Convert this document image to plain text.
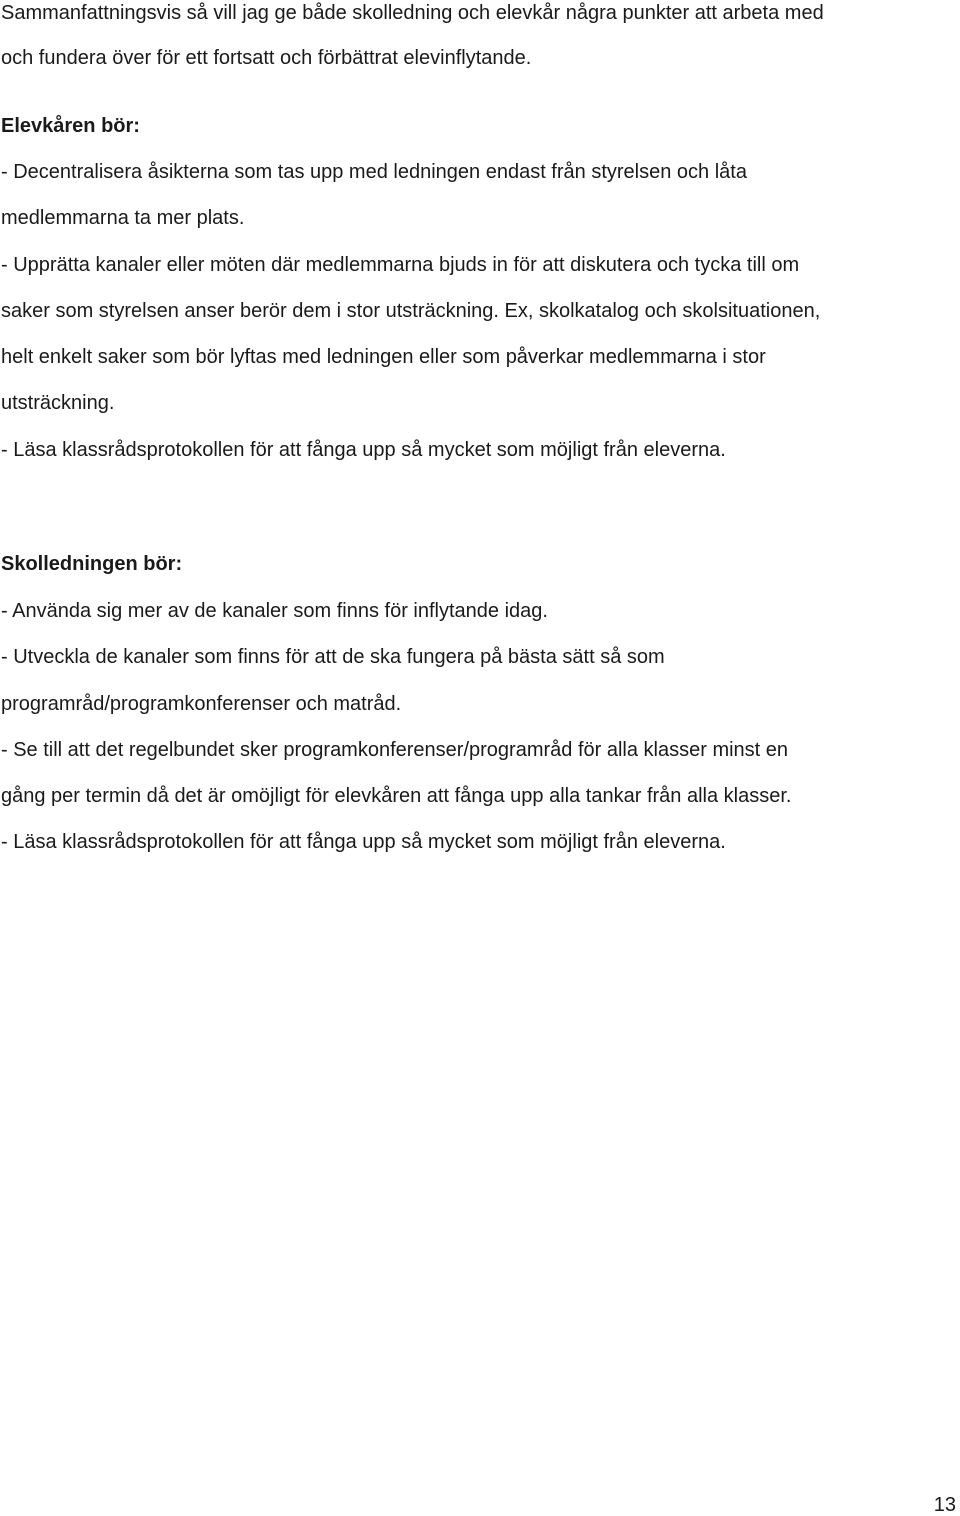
Sammanfattningsvis så vill jag ge både skolledning och elevkår några punkter att arbeta med
och fundera över för ett fortsatt och förbättrat elevinflytande.
Elevkåren bör:
- Decentralisera åsikterna som tas upp med ledningen endast från styrelsen och låta
medlemmarna ta mer plats.
- Upprätta kanaler eller möten där medlemmarna bjuds in för att diskutera och tycka till om
saker som styrelsen anser berör dem i stor utsträckning. Ex, skolkatalog och skolsituationen,
helt enkelt saker som bör lyftas med ledningen eller som påverkar medlemmarna i stor
utsträckning.
- Läsa klassrådsprotokollen för att fånga upp så mycket som möjligt från eleverna.
Skolledningen bör:
- Använda sig mer av de kanaler som finns för inflytande idag.
- Utveckla de kanaler som finns för att de ska fungera på bästa sätt så som
programråd/programkonferenser och matråd.
- Se till att det regelbundet sker programkonferenser/programråd för alla klasser minst en
gång per termin då det är omöjligt för elevkåren att fånga upp alla tankar från alla klasser.
- Läsa klassrådsprotokollen för att fånga upp så mycket som möjligt från eleverna.
13
